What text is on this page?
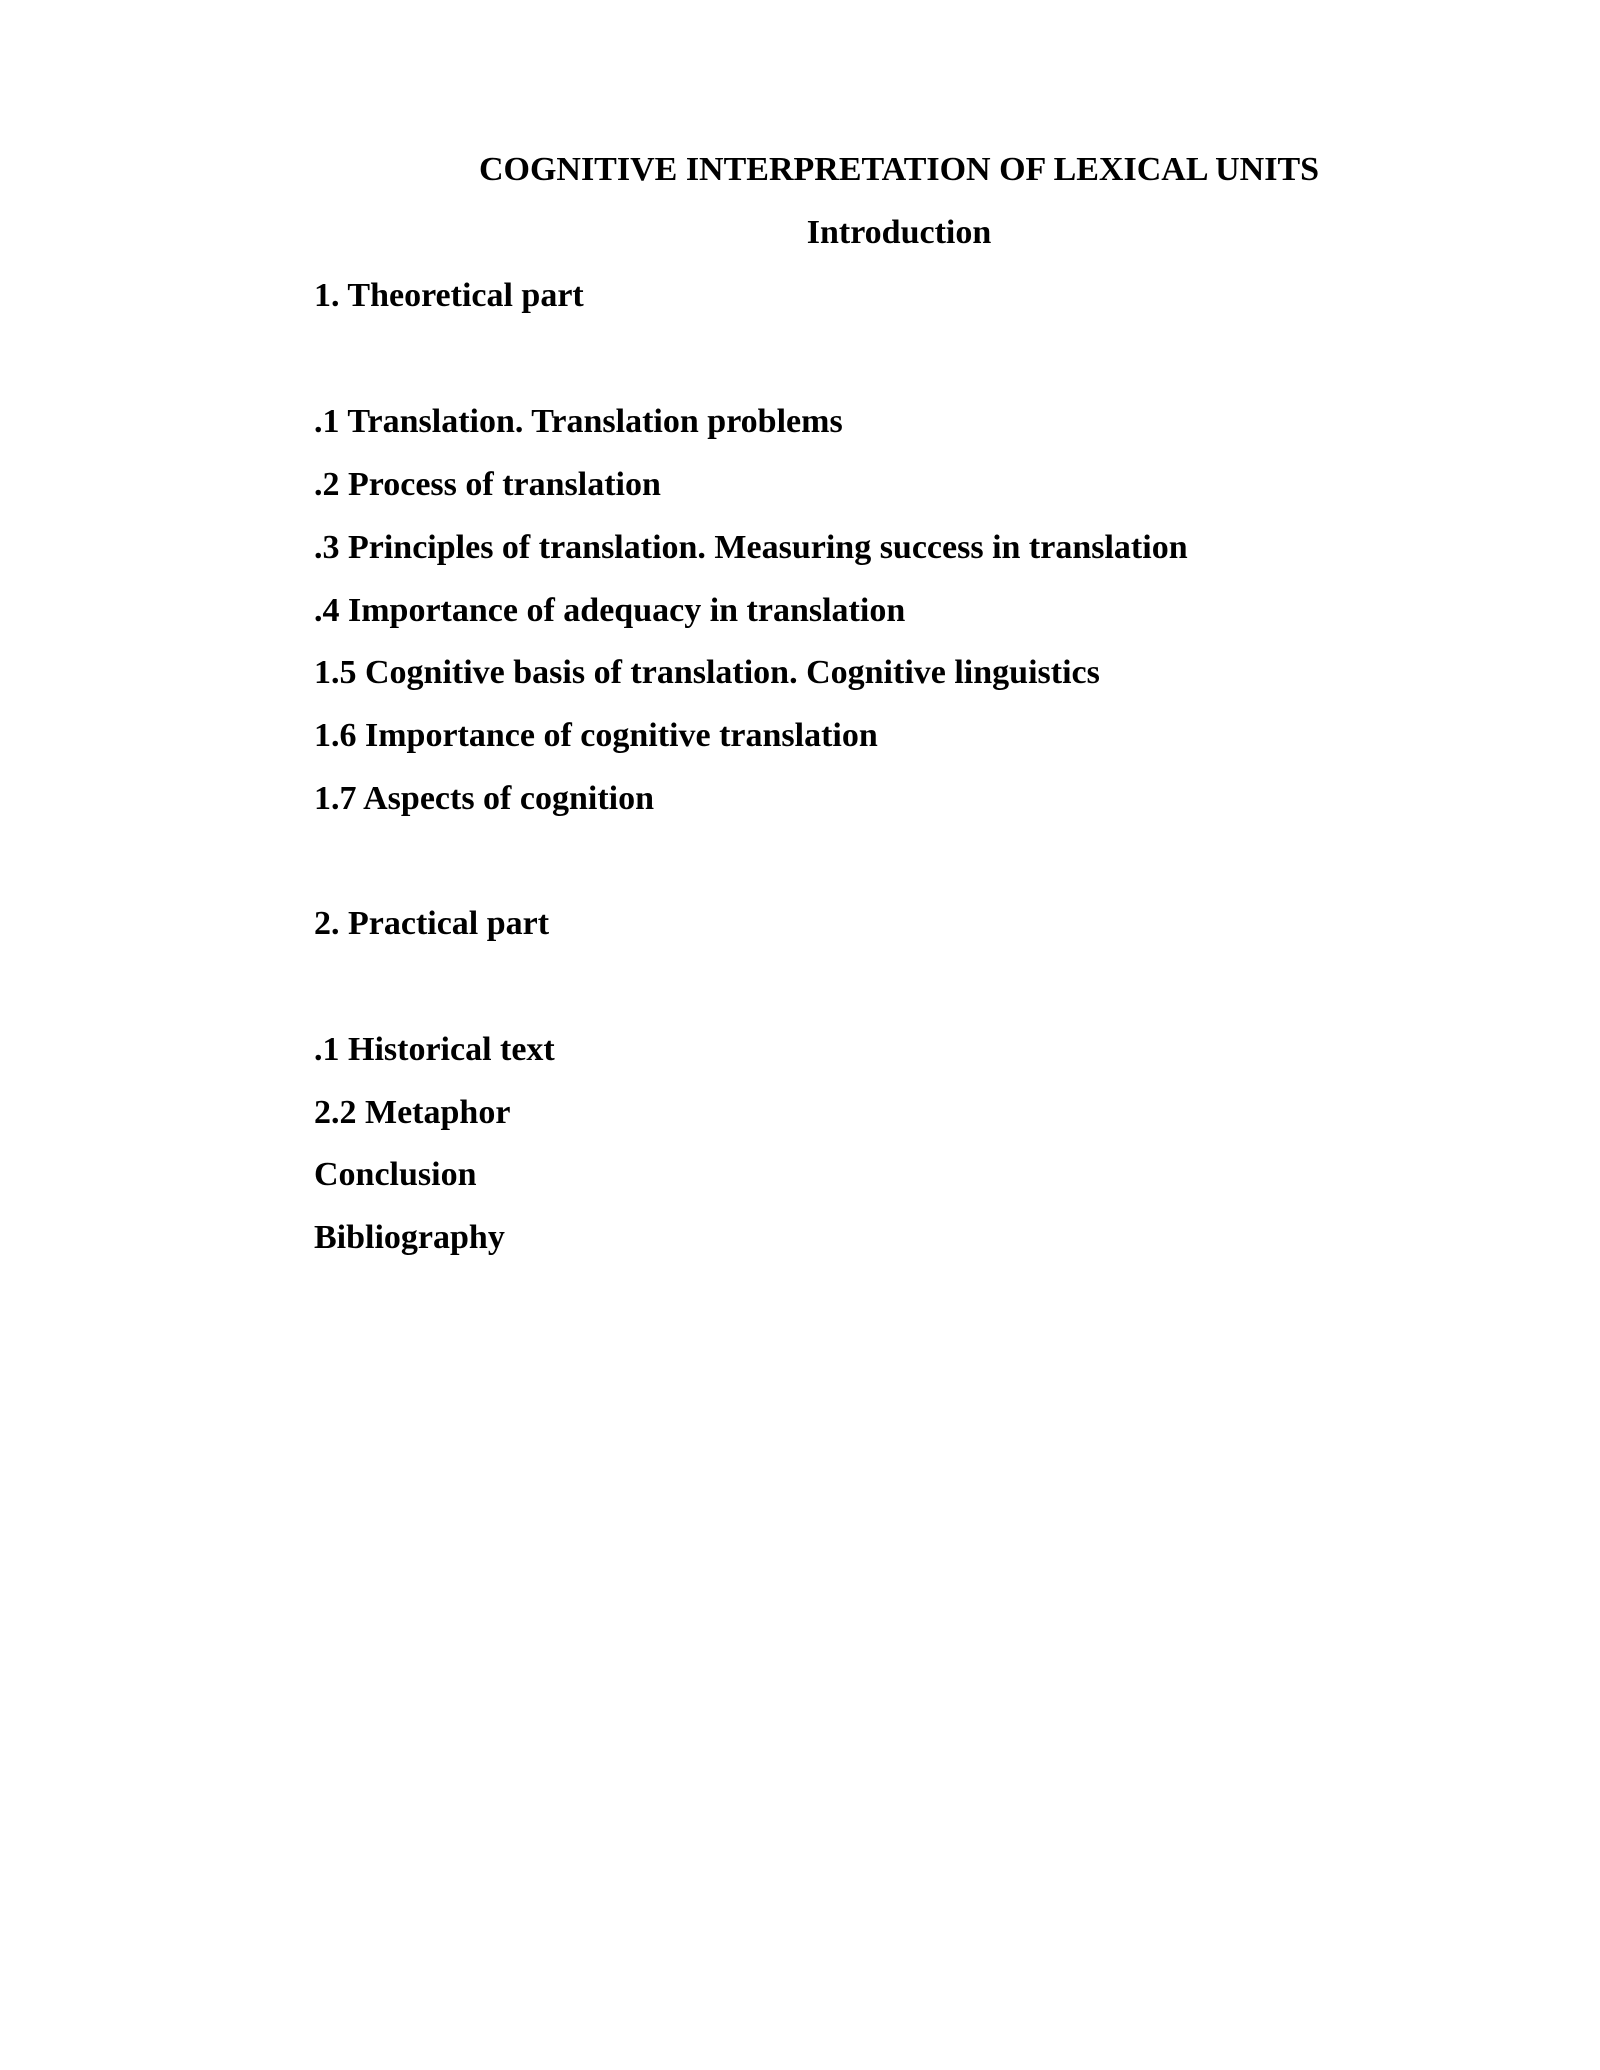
COGNITIVE INTERPRETATION OF LEXICAL UNITS
Introduction

1. Theoretical part

.1 Translation. Translation problems

.2 Process of translation

.3 Principles of translation. Measuring success in translation

.4 Importance of adequacy in translation

1.5 Cognitive basis of translation. Cognitive linguistics

1.6 Importance of cognitive translation

1.7 Aspects of cognition

2. Practical part

.1 Historical text

2.2 Metaphor

Conclusion

Bibliography
